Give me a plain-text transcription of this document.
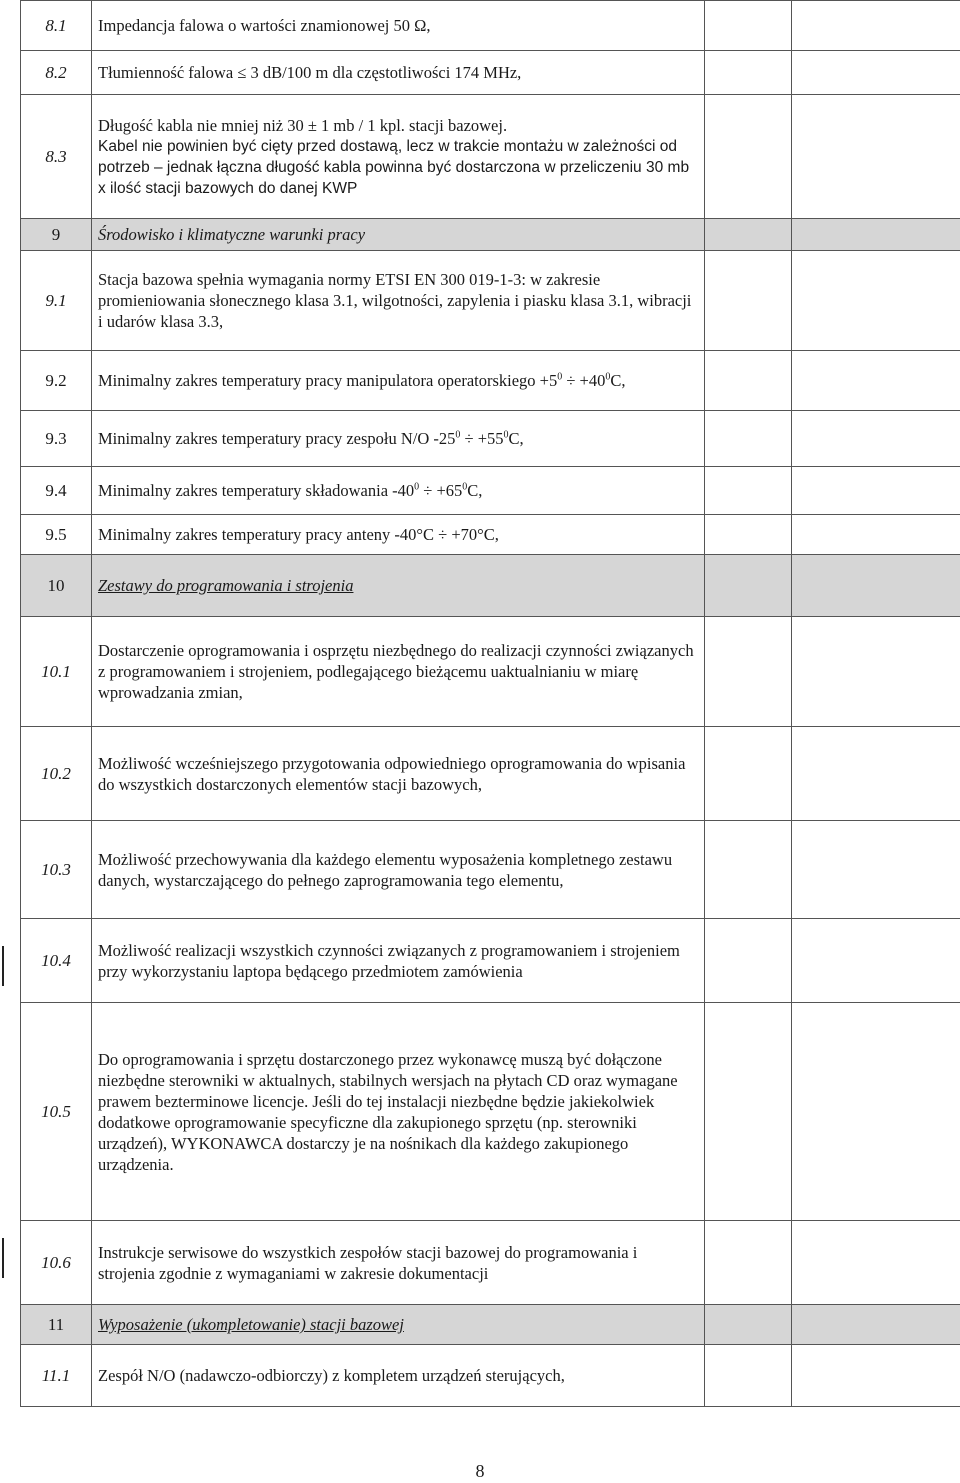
8.1	Impedancja falowa o wartości znamionowej 50 Ω,		
8.2	Tłumienność falowa ≤ 3 dB/100 m dla częstotliwości 174 MHz,		
8.3	Długość kabla nie mniej niż 30 ± 1 mb / 1 kpl. stacji bazowej.
Kabel nie powinien być cięty przed dostawą, lecz w trakcie montażu w zależności od potrzeb – jednak łączna długość kabla powinna być dostarczona w przeliczeniu 30 mb x ilość stacji bazowych do danej KWP		

9	Środowisko i klimatyczne warunki pracy		
9.1	Stacja bazowa spełnia wymagania normy ETSI EN 300 019-1-3: w zakresie promieniowania słonecznego klasa 3.1, wilgotności, zapylenia i piasku klasa 3.1, wibracji i udarów klasa 3.3,		
9.2	Minimalny zakres temperatury pracy manipulatora operatorskiego $+5^0 \div +40^0C$,		
9.3	Minimalny zakres temperatury pracy zespołu N/O $-25^0 \div +55^0C$,		
9.4	Minimalny zakres temperatury składowania $-40^0 \div +65^0C$,		
9.5	Minimalny zakres temperatury pracy anteny -40°C ÷ +70°C,		
10	Zestawy do programowania i strojenia		
10.1	Dostarczenie oprogramowania i osprzętu niezbędnego do realizacji czynności związanych z programowaniem i strojeniem, podlegającego bieżącemu uaktualnianiu w miarę wprowadzania zmian,		
10.2	Możliwość wcześniejszego przygotowania odpowiedniego oprogramowania do wpisania do wszystkich dostarczonych elementów stacji bazowych,		
10.3	Możliwość przechowywania dla każdego elementu wyposażenia kompletnego zestawu danych, wystarczającego do pełnego zaprogramowania tego elementu,		
10.4	Możliwość realizacji wszystkich czynności związanych z programowaniem i strojeniem przy wykorzystaniu laptopa będącego przedmiotem zamówienia		
10.5	Do oprogramowania i sprzętu dostarczonego przez wykonawcę muszą być dołączone niezbędne sterowniki w aktualnych, stabilnych wersjach na płytach CD oraz wymagane prawem bezterminowe licencje. Jeśli do tej instalacji niezbędne będzie jakiekolwiek dodatkowe oprogramowanie specyficzne dla zakupionego sprzętu (np. sterowniki urządzeń), WYKONAWCA dostarczy je na nośnikach dla każdego zakupionego urządzenia.		
10.6	Instrukcje serwisowe do wszystkich zespołów stacji bazowej do programowania i strojenia zgodnie z wymaganiami w zakresie dokumentacji		
11	Wyposażenie (ukompletowanie) stacji bazowej		
11.1	Zespół N/O (nadawczo-odbiorczy) z kompletem urządzeń sterujących,		
8
